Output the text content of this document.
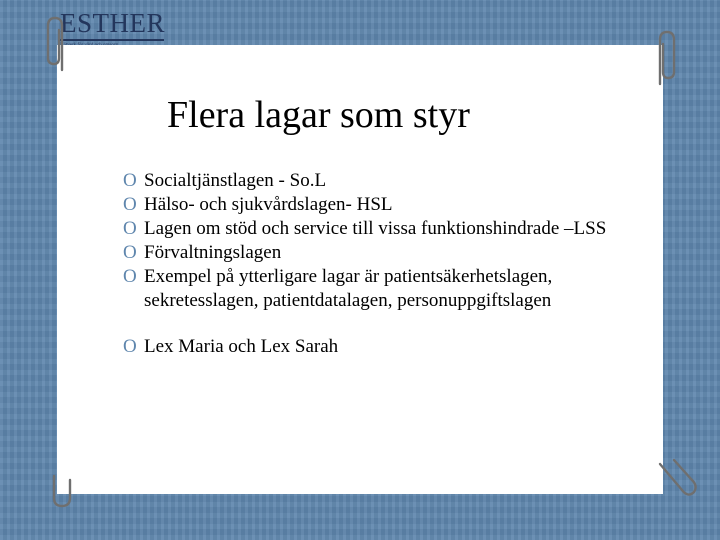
ESTHER
Flera lagar som styr
O Socialtjänstlagen - So.L
O Hälso- och sjukvårdslagen- HSL
O Lagen om stöd och service till vissa funktionshindrade –LSS
O Förvaltningslagen
O Exempel på ytterligare lagar är patientsäkerhetslagen, sekretesslagen, patientdatalagen, personuppgiftslagen
O Lex Maria och Lex Sarah
